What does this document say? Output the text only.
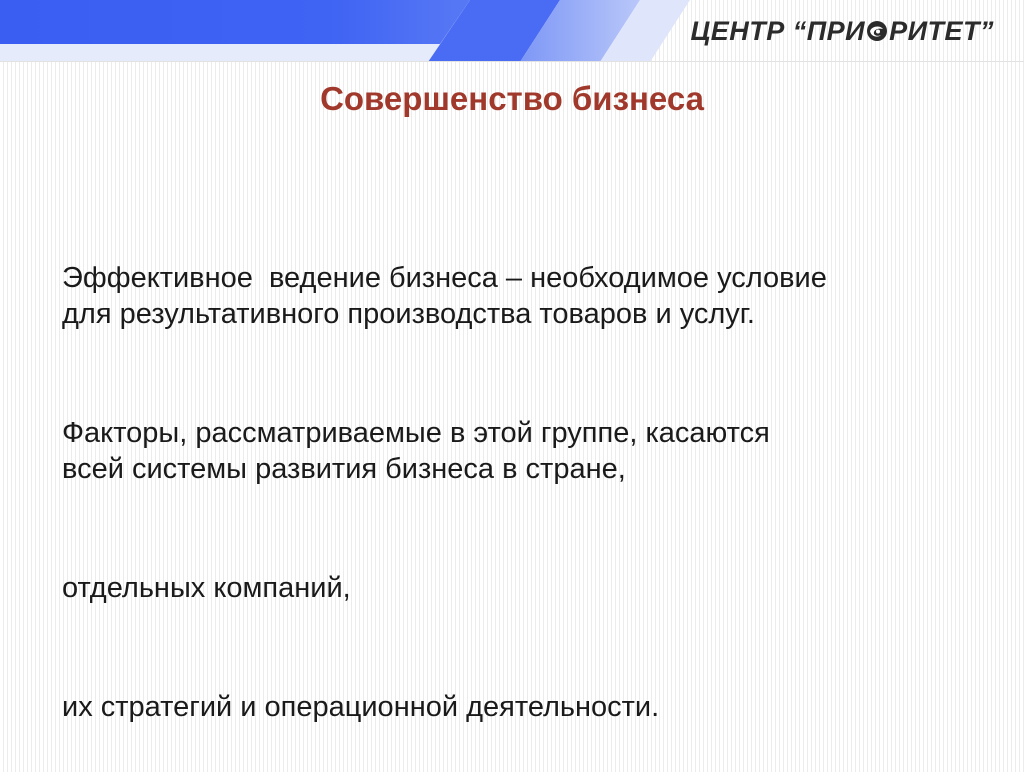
ЦЕНТР “ПРИ РИТЕТ”
Совершенство бизнеса

Эффективное  ведение бизнеса – необходимое условие
для результативного производства товаров и услуг.

Факторы, рассматриваемые в этой группе, касаются
всей системы развития бизнеса в стране,

отдельных компаний,

их стратегий и операционной деятельности.
